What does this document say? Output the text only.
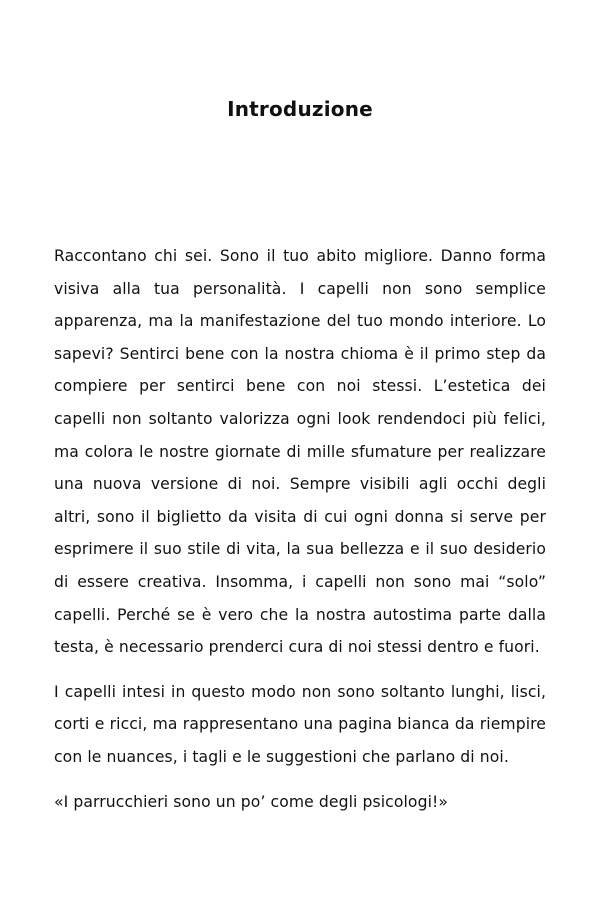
Introduzione

Raccontano chi sei. Sono il tuo abito migliore. Danno forma visiva alla tua personalità. I capelli non sono semplice apparenza, ma la manifestazione del tuo mondo interiore. Lo sapevi? Sentirci bene con la nostra chioma è il primo step da compiere per sentirci bene con noi stessi. L’estetica dei capelli non soltanto valorizza ogni look rendendoci più felici, ma colora le nostre giornate di mille sfumature per realizzare una nuova versione di noi. Sempre visibili agli occhi degli altri, sono il biglietto da visita di cui ogni donna si serve per esprimere il suo stile di vita, la sua bellezza e il suo desiderio di essere creativa. Insomma, i capelli non sono mai “solo” capelli. Perché se è vero che la nostra autostima parte dalla testa, è necessario prenderci cura di noi stessi dentro e fuori.

I capelli intesi in questo modo non sono soltanto lunghi, lisci, corti e ricci, ma rappresentano una pagina bianca da riempire con le nuances, i tagli e le suggestioni che parlano di noi.

«I parrucchieri sono un po’ come degli psicologi!»
